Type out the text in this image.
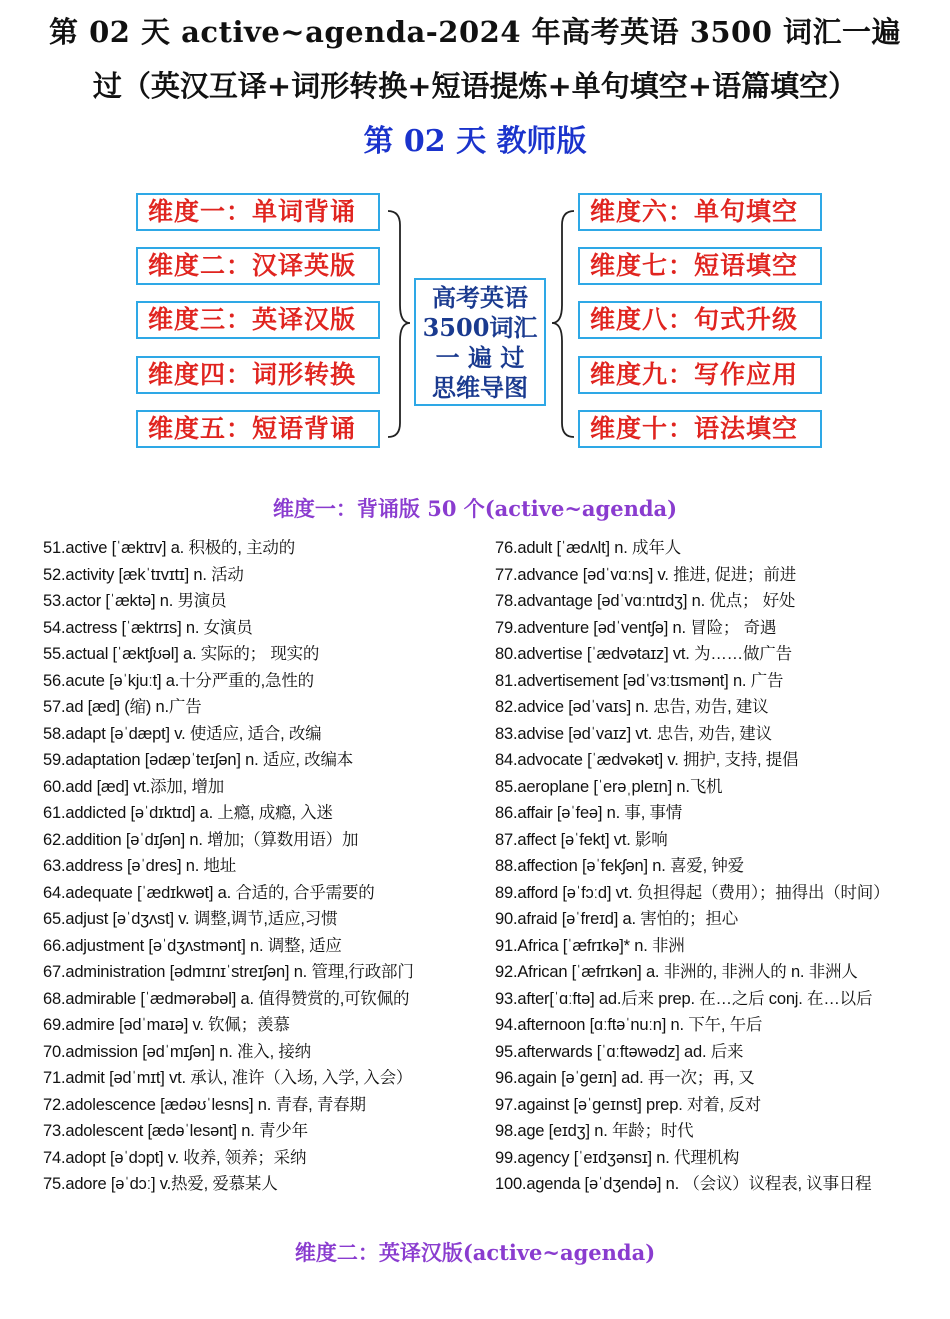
第 02 天 active~agenda-2024 年高考英语 3500 词汇一遍
过（英汉互译+词形转换+短语提炼+单句填空+语篇填空）
第 02 天 教师版
维度一：单词背诵
维度二：汉译英版
维度三：英译汉版
维度四：词形转换
维度五：短语背诵
维度六：单句填空
维度七：短语填空
维度八：句式升级
维度九：写作应用
维度十：语法填空
高考英语
3500词汇
一 遍 过
思维导图
维度一：背诵版 50 个(active~agenda)
51.active [ˈæktɪv] a. 积极的, 主动的
52.activity [ækˈtɪvɪtɪ] n. 活动
53.actor [ˈæktə] n. 男演员
54.actress [ˈæktrɪs] n. 女演员
55.actual [ˈæktʃʊəl] a. 实际的； 现实的
56.acute [əˈkjuːt] a.十分严重的,急性的
57.ad [æd] (缩) n.广告
58.adapt [əˈdæpt] v. 使适应, 适合, 改编
59.adaptation [ədæpˈteɪʃən] n. 适应, 改编本
60.add [æd] vt.添加, 增加
61.addicted [əˈdɪktɪd] a. 上瘾, 成瘾, 入迷
62.addition [əˈdɪʃən] n. 增加;（算数用语）加
63.address [əˈdres] n. 地址
64.adequate [ˈædɪkwət] a. 合适的, 合乎需要的
65.adjust [əˈdʒʌst] v. 调整,调节,适应,习惯
66.adjustment [əˈdʒʌstmənt] n. 调整, 适应
67.administration [ədmɪnɪˈstreɪʃən] n. 管理,行政部门
68.admirable [ˈædmərəbəl] a. 值得赞赏的,可钦佩的
69.admire [ədˈmaɪə] v. 钦佩；羡慕
70.admission [ədˈmɪʃən] n. 准入, 接纳
71.admit [ədˈmɪt] vt. 承认, 准许（入场, 入学, 入会）
72.adolescence [ædəʊˈlesns] n. 青春, 青春期
73.adolescent [ædəˈlesənt] n. 青少年
74.adopt [əˈdɔpt] v. 收养, 领养；采纳
75.adore [əˈdɔː] v.热爱, 爱慕某人
76.adult [ˈædʌlt] n. 成年人
77.advance [ədˈvɑːns] v. 推进, 促进；前进
78.advantage [ədˈvɑːntɪdʒ] n. 优点； 好处
79.adventure [ədˈventʃə] n. 冒险； 奇遇
80.advertise [ˈædvətaɪz] vt. 为……做广告
81.advertisement [ədˈvɜːtɪsmənt] n. 广告
82.advice [ədˈvaɪs] n. 忠告, 劝告, 建议
83.advise [ədˈvaɪz] vt. 忠告, 劝告, 建议
84.advocate [ˈædvəkət] v. 拥护, 支持, 提倡
85.aeroplane [ˈerəˌpleɪn] n.飞机
86.affair [əˈfeə] n. 事, 事情
87.affect [əˈfekt] vt. 影响
88.affection [əˈfekʃən] n. 喜爱, 钟爱
89.afford [əˈfɔːd] vt. 负担得起（费用）；抽得出（时间）
90.afraid [əˈfreɪd] a. 害怕的；担心
91.Africa [ˈæfrɪkə]* n. 非洲
92.African [ˈæfrɪkən] a. 非洲的, 非洲人的 n. 非洲人
93.after[ˈɑːftə] ad.后来 prep. 在…之后 conj. 在…以后
94.afternoon [ɑːftəˈnuːn] n. 下午, 午后
95.afterwards [ˈɑːftəwədz] ad. 后来
96.again [əˈɡeɪn] ad. 再一次；再, 又
97.against [əˈɡeɪnst] prep. 对着, 反对
98.age [eɪdʒ] n. 年龄；时代
99.agency [ˈeɪdʒənsɪ] n. 代理机构
100.agenda [əˈdʒendə] n. （会议）议程表, 议事日程
维度二：英译汉版(active~agenda)
